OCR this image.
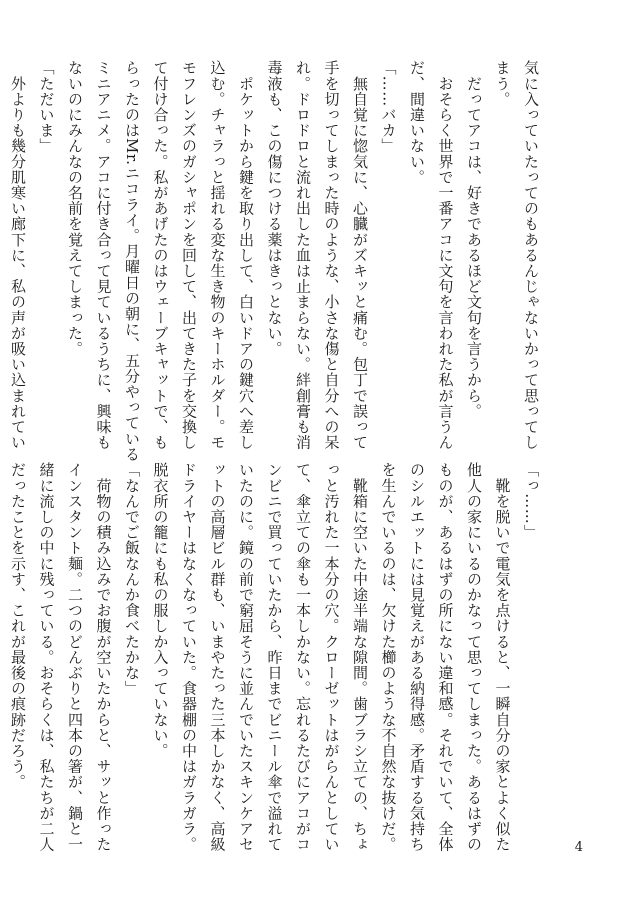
気に入っていたってのもあるんじゃないかって思ってし
まう。
　だってアコは、好きであるほど文句を言うから。
　おそらく世界で一番アコに文句を言われた私が言うん
だ、間違いない。
「……バカ」
　無自覚に惚気に、心臓がズキッと痛む。包丁で誤って
手を切ってしまった時のような、小さな傷と自分への呆
れ。ドロドロと流れ出した血は止まらない。絆創膏も消
毒液も、この傷につける薬はきっとない。
　ポケットから鍵を取り出して、白いドアの鍵穴へ差し
込む。チャラっと揺れる変な生き物のキーホルダー。モ
モフレンズのガシャポンを回して、出てきた子を交換し
て付け合った。私があげたのはウェーブキャットで、も
らったのはMr.ニコライ。月曜日の朝に、五分やっている
ミニアニメ。アコに付き合って見ているうちに、興味も
ないのにみんなの名前を覚えてしまった。
「ただいま」
　外よりも幾分肌寒い廊下に、私の声が吸い込まれてい
「っ……」
　靴を脱いで電気を点けると、一瞬自分の家とよく似た
他人の家にいるのかなって思ってしまった。あるはずの
ものが、あるはずの所にない違和感。それでいて、全体
のシルエットには見覚えがある納得感。矛盾する気持ち
を生んでいるのは、欠けた櫛のような不自然な抜けだ。
　靴箱に空いた中途半端な隙間。歯ブラシ立ての、ちょ
っと汚れた一本分の穴。クローゼットはがらんとしてい
て、傘立ての傘も一本しかない。忘れるたびにアコがコ
ンビニで買っていたから、昨日までビニール傘で溢れて
いたのに。鏡の前で窮屈そうに並んでいたスキンケアセ
ットの高層ビル群も、いまやたった三本しかなく、高級
ドライヤーはなくなっていた。食器棚の中はガラガラ。
脱衣所の籠にも私の服しか入っていない。
「なんでご飯なんか食べたかな」
　荷物の積み込みでお腹が空いたからと、サッと作った
インスタント麺。二つのどんぶりと四本の箸が、鍋と一
緒に流しの中に残っている。おそらくは、私たちが二人
だったことを示す、これが最後の痕跡だろう。
4
